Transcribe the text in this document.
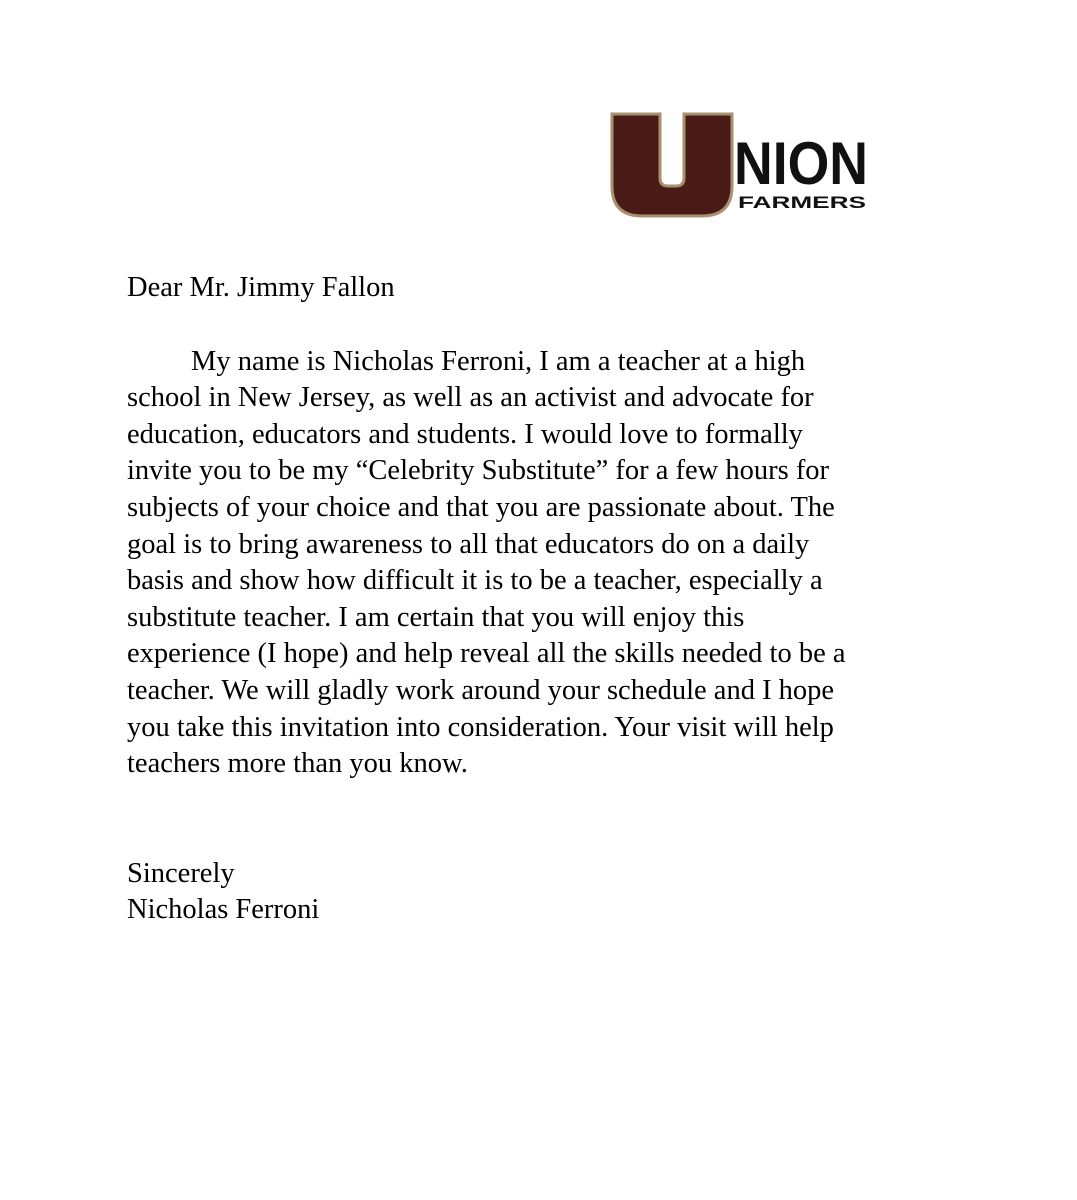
NION
FARMERS

Dear Mr. Jimmy Fallon

My name is Nicholas Ferroni, I am a teacher at a high
school in New Jersey, as well as an activist and advocate for
education, educators and students. I would love to formally
invite you to be my “Celebrity Substitute” for a few hours for
subjects of your choice and that you are passionate about. The
goal is to bring awareness to all that educators do on a daily
basis and show how difficult it is to be a teacher, especially a
substitute teacher. I am certain that you will enjoy this
experience (I hope) and help reveal all the skills needed to be a
teacher. We will gladly work around your schedule and I hope
you take this invitation into consideration. Your visit will help
teachers more than you know.

Sincerely
Nicholas Ferroni
